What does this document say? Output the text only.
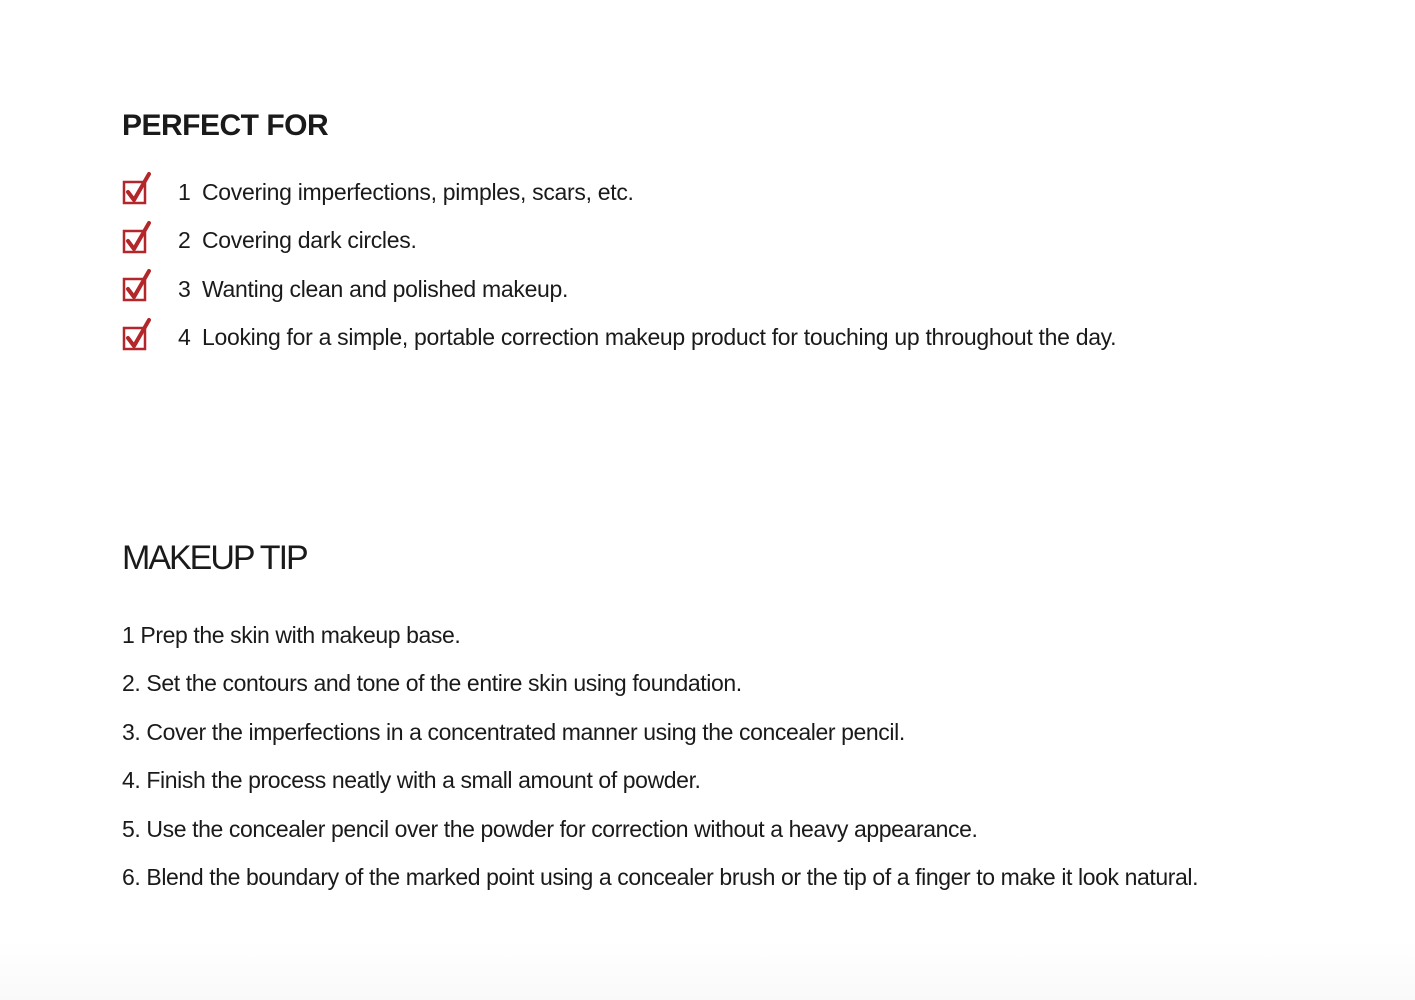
PERFECT FOR
1 Covering imperfections, pimples, scars, etc.
2 Covering dark circles.
3 Wanting clean and polished makeup.
4 Looking for a simple, portable correction makeup product for touching up throughout the day.
MAKEUP TIP
1 Prep the skin with makeup base.
2. Set the contours and tone of the entire skin using foundation.
3. Cover the imperfections in a concentrated manner using the concealer pencil.
4. Finish the process neatly with a small amount of powder.
5. Use the concealer pencil over the powder for correction without a heavy appearance.
6. Blend the boundary of the marked point using a concealer brush or the tip of a finger to make it look natural.
